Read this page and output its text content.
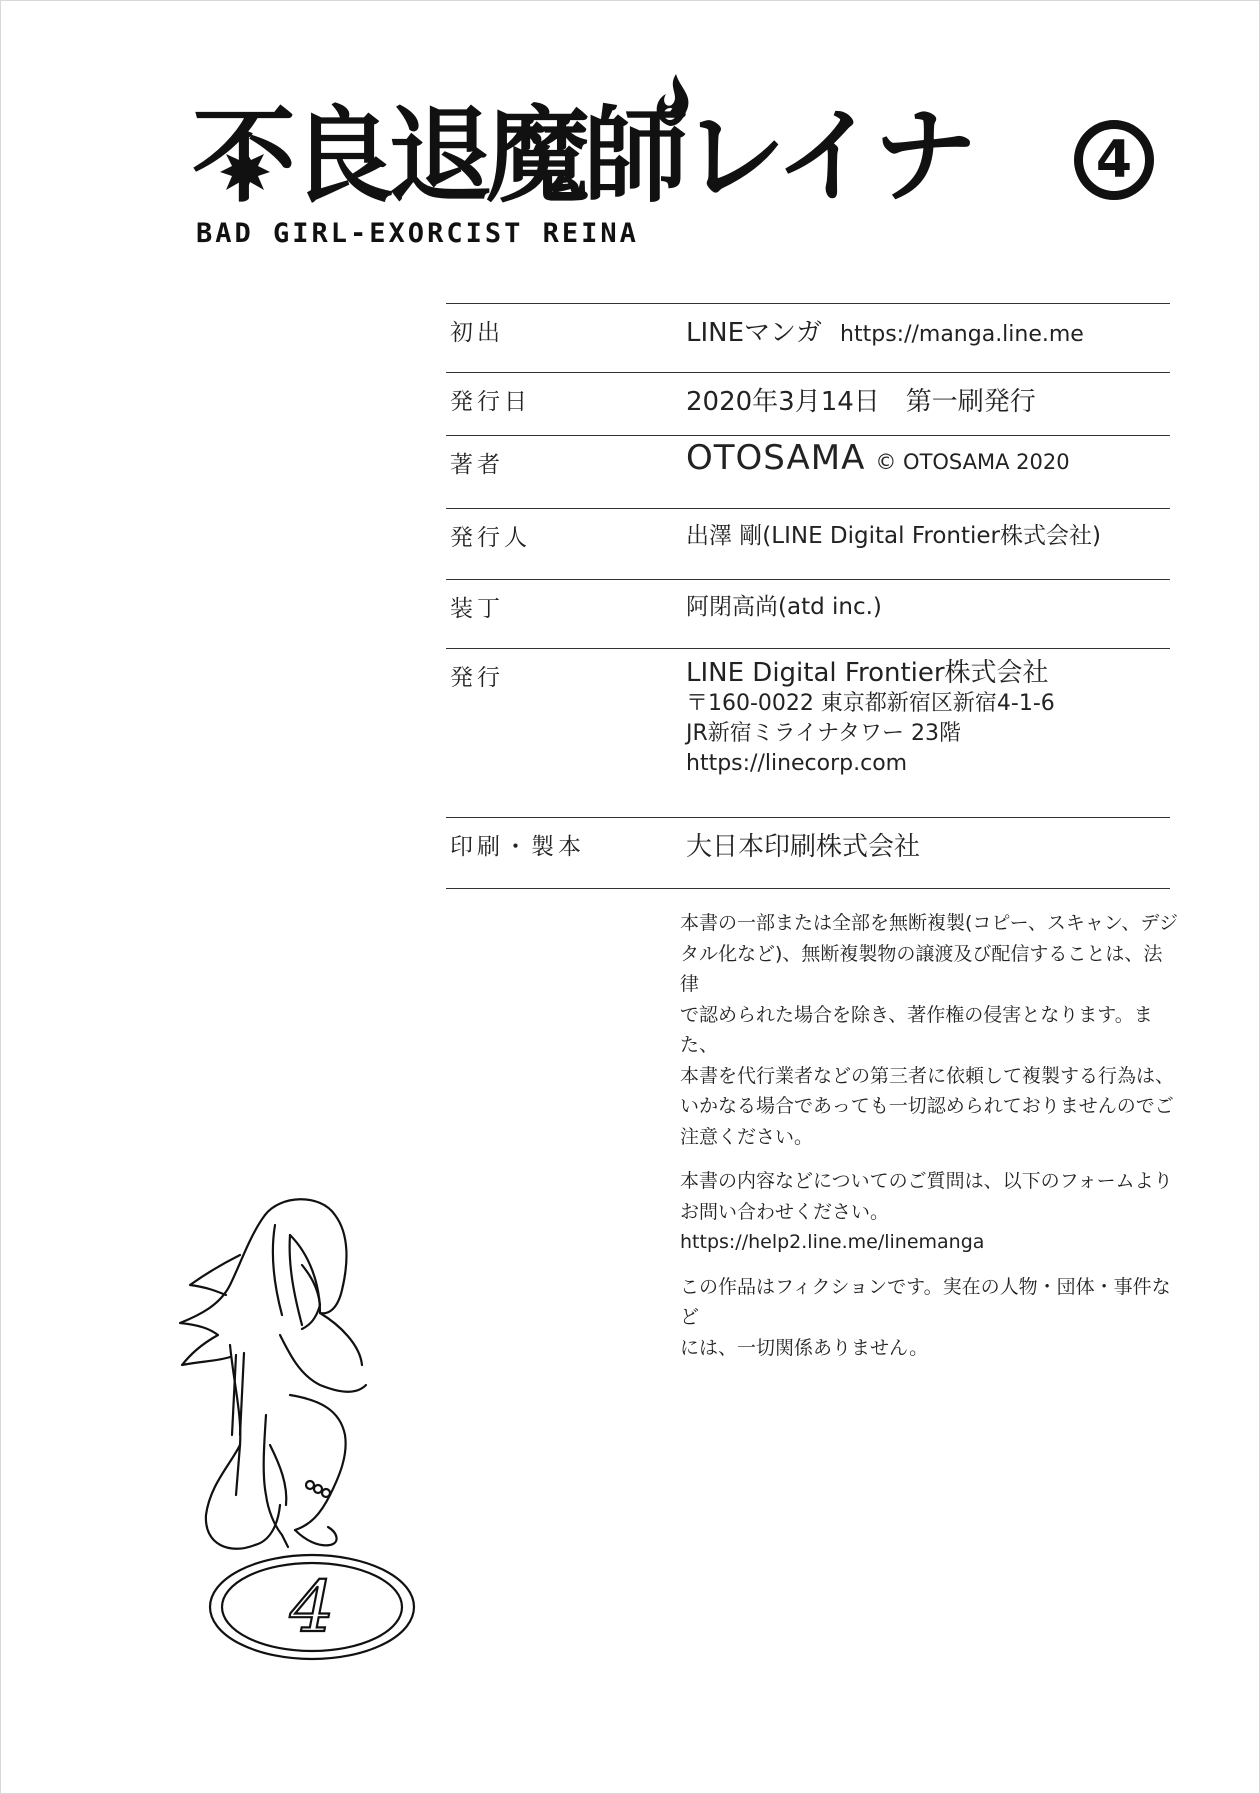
不良退魔師レイナ 4
BAD GIRL-EXORCIST REINA
初出	LINEマンガ https://manga.line.me
発行日	2020年3月14日　第一刷発行
著者	OTOSAMA © OTOSAMA 2020
発行人	出澤 剛(LINE Digital Frontier株式会社)
装丁	阿閉高尚(atd inc.)
発行	LINE Digital Frontier株式会社
〒160-0022 東京都新宿区新宿4-1-6
JR新宿ミライナタワー 23階
https://linecorp.com
印刷・製本	大日本印刷株式会社

本書の一部または全部を無断複製(コピー、スキャン、デジ
タル化など)、無断複製物の譲渡及び配信することは、法律
で認められた場合を除き、著作権の侵害となります。また、
本書を代行業者などの第三者に依頼して複製する行為は、
いかなる場合であっても一切認められておりませんのでご
注意ください。

本書の内容などについてのご質問は、以下のフォームより
お問い合わせください。
https://help2.line.me/linemanga

この作品はフィクションです。実在の人物・団体・事件など
には、一切関係ありません。

4
